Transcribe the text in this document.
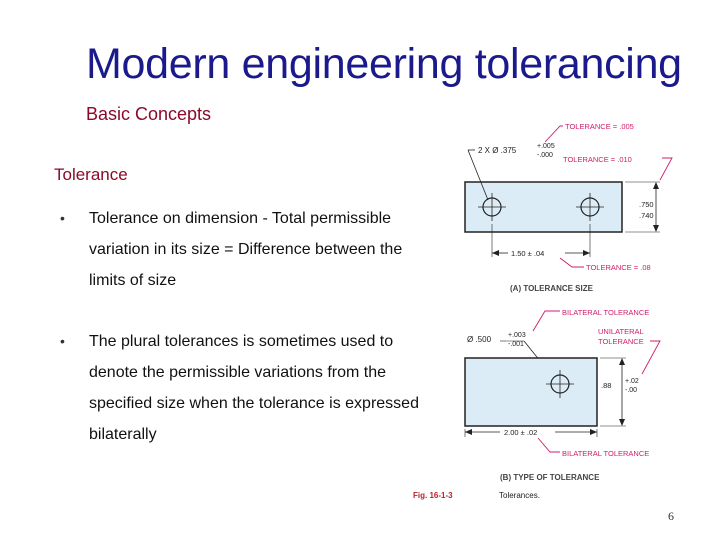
Modern engineering tolerancing
Basic Concepts
Tolerance
• Tolerance on dimension - Total permissible variation in its size = Difference between the limits of size
• The plural tolerances is sometimes used to denote the permissible variations from the specified size when the tolerance is expressed bilaterally
2 X Ø .375	+.005
-.000
TOLERANCE = .005
TOLERANCE = .010
.750
.740
1.50 ± .04
TOLERANCE = .08
(A) TOLERANCE SIZE
BILATERAL TOLERANCE
Ø .500 +.003
-.001
UNILATERAL
TOLERANCE
.88 +.02
-.00
2.00 ± .02
BILATERAL TOLERANCE
(B) TYPE OF TOLERANCE
Fig. 16-1-3	Tolerances.
6
